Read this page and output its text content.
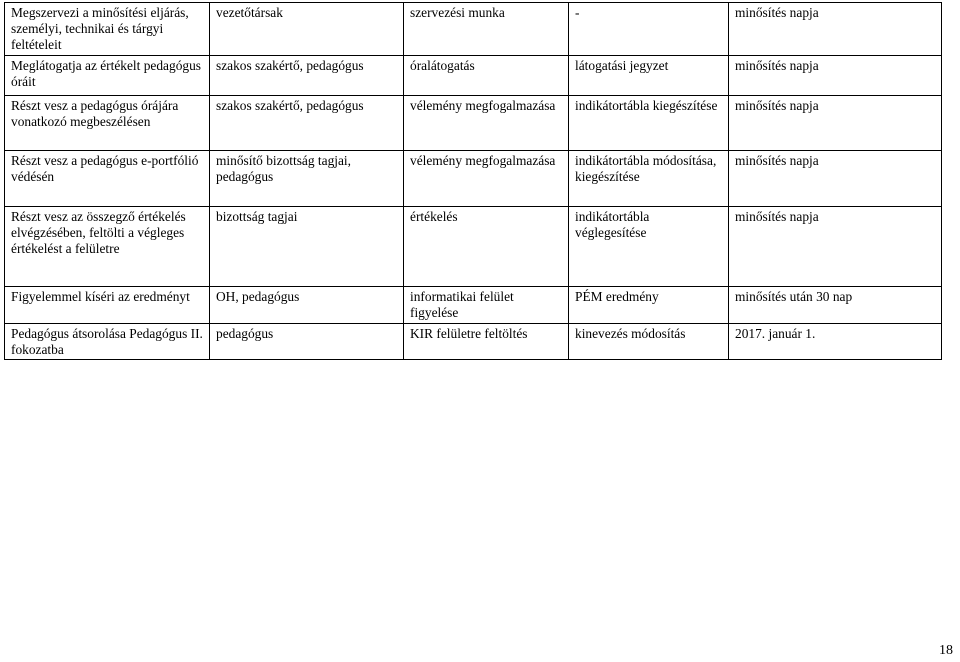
Megszervezi a minősítési eljárás, személyi, technikai és tárgyi feltételeit	vezetőtársak	szervezési munka	-	minősítés napja
Meglátogatja az értékelt pedagógus óráit	szakos szakértő, pedagógus	óralátogatás	látogatási jegyzet	minősítés napja
Részt vesz a pedagógus órájára vonatkozó megbeszélésen	szakos szakértő, pedagógus	vélemény megfogalmazása	indikátortábla kiegészítése	minősítés napja
Részt vesz a pedagógus e-portfólió védésén	minősítő bizottság tagjai, pedagógus	vélemény megfogalmazása	indikátortábla módosítása, kiegészítése	minősítés napja
Részt vesz az összegző értékelés elvégzésében, feltölti a végleges értékelést a felületre	bizottság tagjai	értékelés	indikátortábla véglegesítése	minősítés napja
Figyelemmel kíséri az eredményt	OH, pedagógus	informatikai felület figyelése	PÉM eredmény	minősítés után 30 nap
Pedagógus átsorolása Pedagógus II. fokozatba	pedagógus	KIR felületre feltöltés	kinevezés módosítás	2017. január 1.
18
